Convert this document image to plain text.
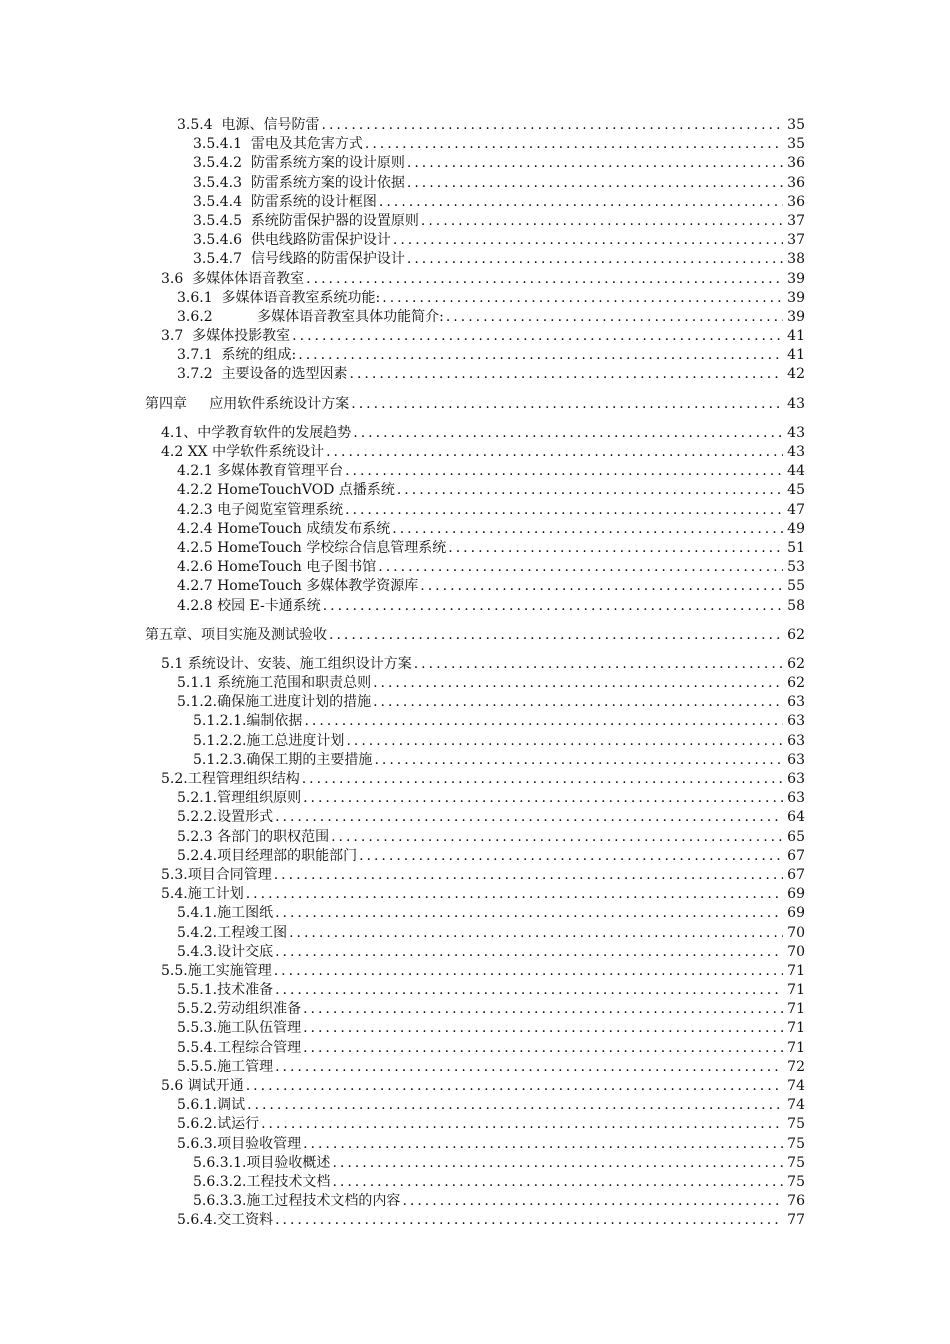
3.5.4  电源、信号防雷 .....	35
3.5.4.1  雷电及其危害方式 .....	35
3.5.4.2  防雷系统方案的设计原则 .....	36
3.5.4.3  防雷系统方案的设计依据 .....	36
3.5.4.4  防雷系统的设计框图 .....	36
3.5.4.5  系统防雷保护器的设置原则 .....	37
3.5.4.6  供电线路防雷保护设计 .....	37
3.5.4.7  信号线路的防雷保护设计 .....	38
3.6  多媒体体语音教室 .....	39
3.6.1  多媒体语音教室系统功能: .....	39
3.6.2          多媒体语音教室具体功能简介: .....	39
3.7  多媒体投影教室 .....	41
3.7.1  系统的组成: .....	41
3.7.2  主要设备的选型因素 .....	42
第四章     应用软件系统设计方案 .....	43
4.1、中学教育软件的发展趋势 .....	43
4.2 XX 中学软件系统设计 .....	43
4.2.1 多媒体教育管理平台 .....	44
4.2.2 HomeTouchVOD 点播系统 .....	45
4.2.3 电子阅览室管理系统 .....	47
4.2.4 HomeTouch 成绩发布系统 .....	49
4.2.5 HomeTouch 学校综合信息管理系统 .....	51
4.2.6 HomeTouch 电子图书馆 .....	53
4.2.7 HomeTouch 多媒体教学资源库 .....	55
4.2.8 校园 E-卡通系统 .....	58
第五章、项目实施及测试验收 .....	62
5.1 系统设计、安装、施工组织设计方案 .....	62
5.1.1 系统施工范围和职责总则 .....	62
5.1.2.确保施工进度计划的措施 .....	63
5.1.2.1.编制依据 .....	63
5.1.2.2.施工总进度计划 .....	63
5.1.2.3.确保工期的主要措施 .....	63
5.2.工程管理组织结构 .....	63
5.2.1.管理组织原则 .....	63
5.2.2.设置形式 .....	64
5.2.3 各部门的职权范围 .....	65
5.2.4.项目经理部的职能部门 .....	67
5.3.项目合同管理 .....	67
5.4.施工计划 .....	69
5.4.1.施工图纸 .....	69
5.4.2.工程竣工图 .....	70
5.4.3.设计交底 .....	70
5.5.施工实施管理 .....	71
5.5.1.技术准备 .....	71
5.5.2.劳动组织准备 .....	71
5.5.3.施工队伍管理 .....	71
5.5.4.工程综合管理 .....	71
5.5.5.施工管理 .....	72
5.6 调试开通 .....	74
5.6.1.调试 .....	74
5.6.2.试运行 .....	75
5.6.3.项目验收管理 .....	75
5.6.3.1.项目验收概述 .....	75
5.6.3.2.工程技术文档 .....	75
5.6.3.3.施工过程技术文档的内容 .....	76
5.6.4.交工资料 .....	77
